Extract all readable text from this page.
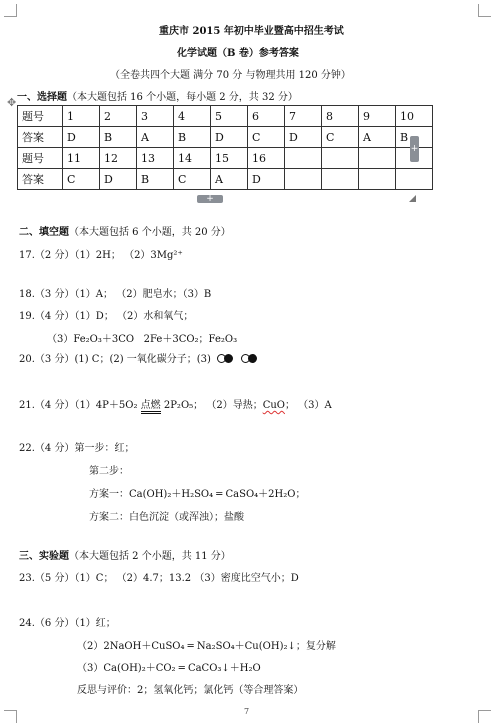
重庆市 2015 年初中毕业暨高中招生考试
化学试题（B 卷）参考答案
（全卷共四个大题 满分 70 分 与物理共用 120 分钟）
一、选择题（本大题包括 16 个小题，每小题 2 分，共 32 分）
✥
题号	1	2	3	4	5	6	7	8	9	10
答案	D	B	A	B	D	C	D	C	A	B
题号	11	12	13	14	15	16				
答案	C	D	B	C	A	D				
+
+
二、填空题（本大题包括 6 个小题，共 20 分）
17.（2 分）（1）2H； （2）3Mg²⁺
18.（3 分）（1）A； （2）肥皂水；（3）B
19.（4 分）（1）D； （2）水和氧气；
（3）Fe₂O₃＋3CO 2Fe＋3CO₂；Fe₂O₃
20.（3 分）(1) C；(2) 一氧化碳分子；(3)
21.（4 分）（1）4P＋5O₂ 点燃 2P₂O₅； （2）导热；CuO； （3）A
22.（4 分）第一步：红；
第二步：
方案一：Ca(OH)₂＋H₂SO₄ ═ CaSO₄＋2H₂O；
方案二：白色沉淀（或浑浊）；盐酸
三、实验题（本大题包括 2 个小题，共 11 分）
23.（5 分）（1）C； （2）4.7；13.2 （3）密度比空气小；D
24.（6 分）（1）红；
（2）2NaOH＋CuSO₄ ═ Na₂SO₄＋Cu(OH)₂↓；复分解
（3）Ca(OH)₂＋CO₂ ═ CaCO₃↓＋H₂O
反思与评价：2；氢氧化钙；氯化钙（等合理答案）
7
